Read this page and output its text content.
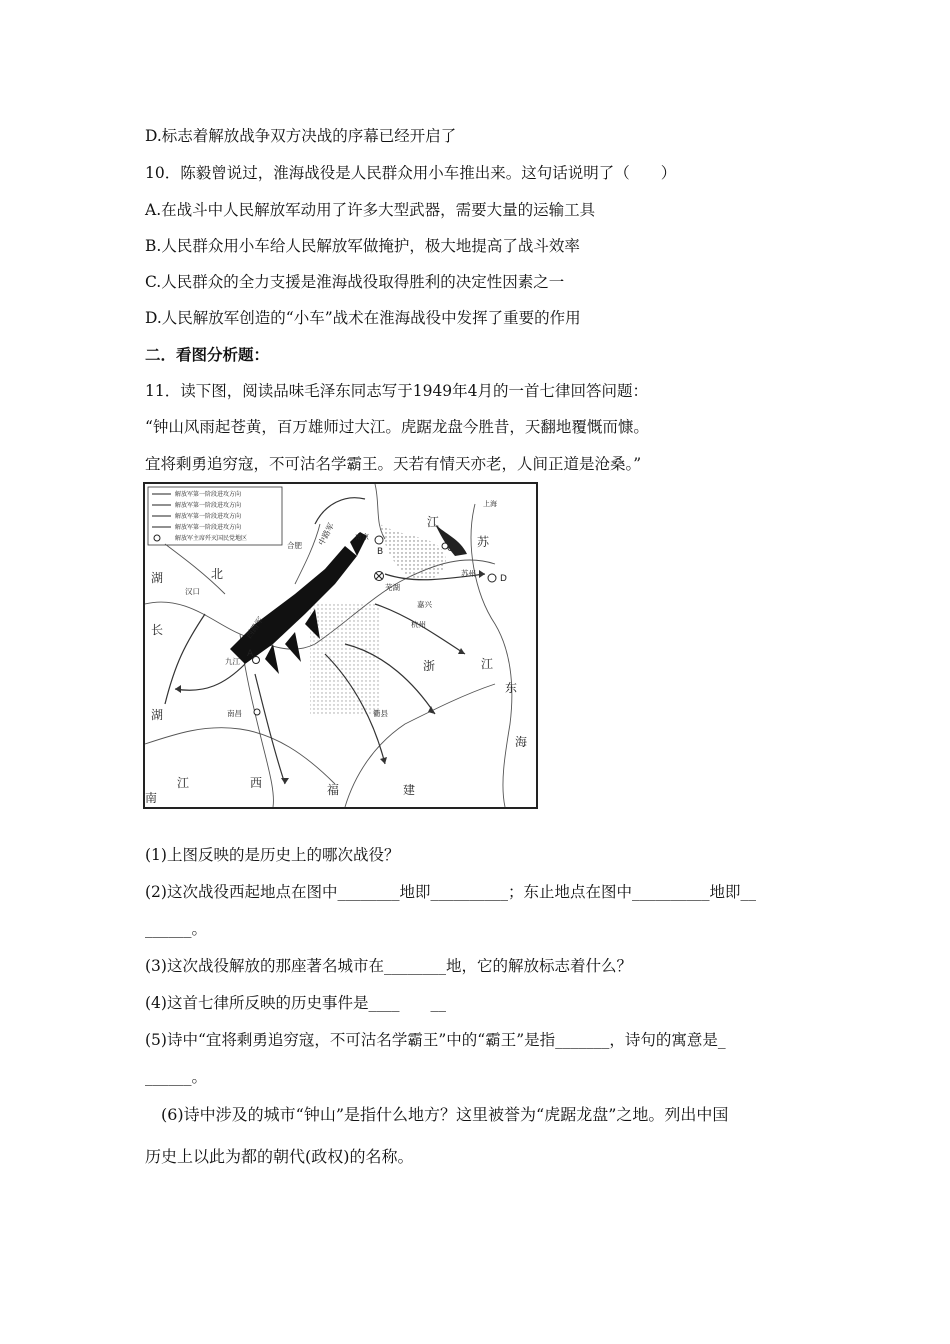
D.标志着解放战争双方决战的序幕已经开启了
10．陈毅曾说过，淮海战役是人民群众用小车推出来。这句话说明了（　　）
A.在战斗中人民解放军动用了许多大型武器，需要大量的运输工具
B.人民群众用小车给人民解放军做掩护，极大地提高了战斗效率
C.人民群众的全力支援是淮海战役取得胜利的决定性因素之一
D.人民解放军创造的“小车”战术在淮海战役中发挥了重要的作用
二．看图分析题：
11．读下图，阅读品味毛泽东同志写于1949年4月的一首七律回答问题：
“钟山风雨起苍黄，百万雄师过大江。虎踞龙盘今胜昔，天翻地覆慨而慷。
宜将剩勇追穷寇，不可沽名学霸王。天若有情天亦老，人间正道是沧桑。”
解放军第一阶段进攻方向
解放军第一阶段进攻方向
解放军第一阶段进攻方向
解放军第一阶段进攻方向
解放军主席歼灭国民党地区
A
B	C
D
中路军
西路军
合肥
芜湖
苏州
嘉兴
杭州
汉口
九江
南昌	衢县
南京
上海
江
苏
湖	北
长
湖
南
江	西	福	建
浙	江
东
海
(1)上图反映的是历史上的哪次战役？
(2)这次战役西起地点在图中________地即__________；东止地点在图中__________地即__
______。
(3)这次战役解放的那座著名城市在________地，它的解放标志着什么？
(4)这首七律所反映的历史事件是____　　__
(5)诗中“宜将剩勇追穷寇，不可沽名学霸王”中的“霸王”是指_______，诗句的寓意是_
______。
　(6)诗中涉及的城市“钟山”是指什么地方？这里被誉为“虎踞龙盘”之地。列出中国
历史上以此为都的朝代(政权)的名称。
